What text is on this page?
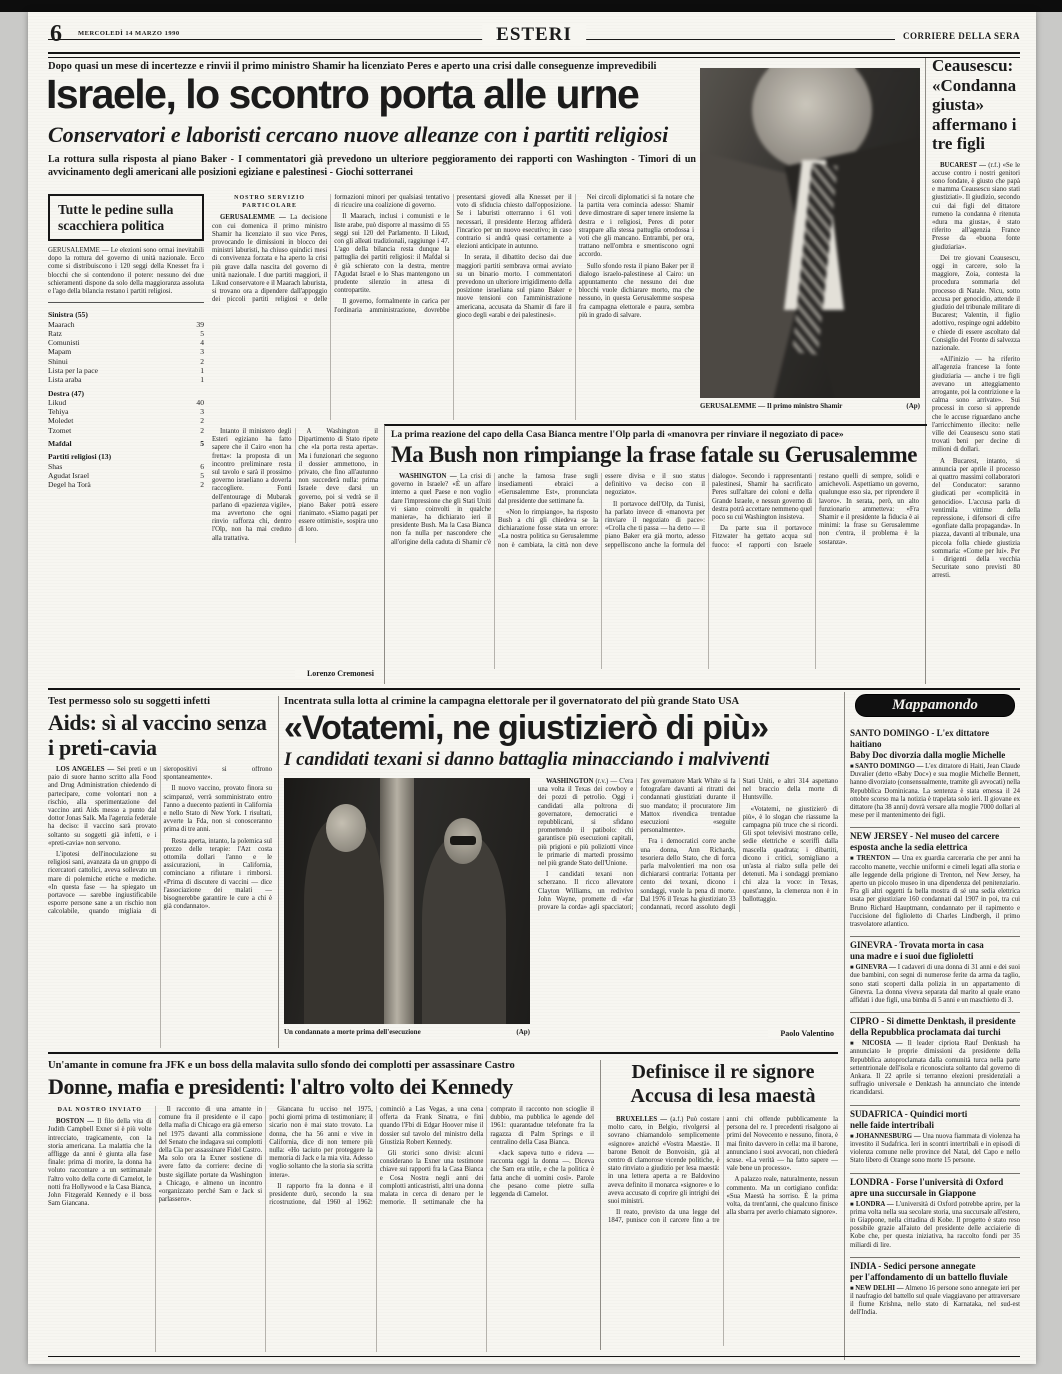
6 MERCOLEDÌ 14 MARZO 1990	ESTERI	CORRIERE DELLA SERA
Dopo quasi un mese di incertezze e rinvii il primo ministro Shamir ha licenziato Peres e aperto una crisi dalle conseguenze imprevedibili
Israele, lo scontro porta alle urne
Conservatori e laboristi cercano nuove alleanze con i partiti religiosi
La rottura sulla risposta al piano Baker - I commentatori già prevedono un ulteriore peggioramento dei rapporti con Washington - Timori di un avvicinamento degli americani alle posizioni egiziane e palestinesi - Giochi sotterranei
Tutte le pedine sulla scacchiera politica
GERUSALEMME — Le elezioni sono ormai inevitabili dopo la rottura del governo di unità nazionale. Ecco come si distribuiscono i 120 seggi della Knesset fra i blocchi che si contendono il potere: nessuno dei due schieramenti dispone da solo della maggioranza assoluta e l'ago della bilancia restano i partiti religiosi.
Sinistra (55)
Maarach	39
Ratz	5
Comunisti	4
Mapam	3
Shinui	2
Lista per la pace	1
Lista araba	1
Destra (47)
Likud	40
Tehiya	3
Moledet	2
Tzomet	2
Mafdal	5
Partiti religiosi (13)
Shas	6
Agudat Israel	5
Degel ha Torà	2
NOSTRO SERVIZIO PARTICOLARE

GERUSALEMME — La decisione con cui domenica il primo ministro Shamir ha licenziato il suo vice Peres, provocando le dimissioni in blocco dei ministri laburisti, ha chiuso quindici mesi di convivenza forzata e ha aperto la crisi più grave dalla nascita del governo di unità nazionale. I due partiti maggiori, il Likud conservatore e il Maarach laburista, si trovano ora a dipendere dall'appoggio dei piccoli partiti religiosi e delle formazioni minori per qualsiasi tentativo di ricucire una coalizione di governo.

Il Maarach, inclusi i comunisti e le liste arabe, può disporre al massimo di 55 seggi sui 120 del Parlamento. Il Likud, con gli alleati tradizionali, raggiunge i 47. L'ago della bilancia resta dunque la pattuglia dei partiti religiosi: il Mafdal si è già schierato con la destra, mentre l'Agudat Israel e lo Shas mantengono un prudente silenzio in attesa di contropartite.

Il governo, formalmente in carica per l'ordinaria amministrazione, dovrebbe presentarsi giovedì alla Knesset per il voto di sfiducia chiesto dall'opposizione. Se i laburisti otterranno i 61 voti necessari, il presidente Herzog affiderà l'incarico per un nuovo esecutivo; in caso contrario si andrà quasi certamente a elezioni anticipate in autunno.

In serata, il dibattito deciso dai due maggiori partiti sembrava ormai avviato su un binario morto. I commentatori prevedono un ulteriore irrigidimento della posizione israeliana sul piano Baker e nuove tensioni con l'amministrazione americana, accusata da Shamir di fare il gioco degli «arabi e dei palestinesi».

Nei circoli diplomatici si fa notare che la partita vera comincia adesso: Shamir deve dimostrare di saper tenere insieme la destra e i religiosi, Peres di poter strappare alla stessa pattuglia ortodossa i voti che gli mancano. Entrambi, per ora, trattano nell'ombra e smentiscono ogni accordo.

Sullo sfondo resta il piano Baker per il dialogo israelo-palestinese al Cairo: un appuntamento che nessuno dei due blocchi vuole dichiarare morto, ma che nessuno, in questa Gerusalemme sospesa fra campagna elettorale e paura, sembra più in grado di salvare.

Lorenzo Cremonesi

Intanto il ministero degli Esteri egiziano ha fatto sapere che il Cairo «non ha fretta»: la proposta di un incontro preliminare resta sul tavolo e sarà il prossimo governo israeliano a doverla raccogliere. Fonti dell'entourage di Mubarak parlano di «pazienza vigile», ma avvertono che ogni rinvio rafforza chi, dentro l'Olp, non ha mai creduto alla trattativa.

A Washington il Dipartimento di Stato ripete che «la porta resta aperta». Ma i funzionari che seguono il dossier ammettono, in privato, che fino all'autunno non succederà nulla: prima Israele deve darsi un governo, poi si vedrà se il piano Baker potrà essere rianimato. «Siamo pagati per essere ottimisti», sospira uno di loro.

GERUSALEMME — Il primo ministro Shamir	(Ap)
Ceausescu: «Condanna giusta» affermano i tre figli

BUCAREST — (r.f.) «Se le accuse contro i nostri genitori sono fondate, è giusto che papà e mamma Ceausescu siano stati giustiziati». Il giudizio, secondo cui dai figli del dittatore rumeno la condanna è ritenuta «dura ma giusta», è stato riferito all'agenzia France Presse da «buona fonte giudiziaria».

Dei tre giovani Ceausescu, oggi in carcere, solo la maggiore, Zoia, contesta la procedura sommaria del processo di Natale. Nicu, sotto accusa per genocidio, attende il giudizio del tribunale militare di Bucarest; Valentin, il figlio adottivo, respinge ogni addebito e chiede di essere ascoltato dal Consiglio del Fronte di salvezza nazionale.

«All'inizio — ha riferito all'agenzia francese la fonte giudiziaria — anche i tre figli avevano un atteggiamento arrogante, poi la contrizione e la calma sono arrivate». Sui processi in corso si apprende che le accuse riguardano anche l'arricchimento illecito: nelle ville dei Ceausescu sono stati trovati beni per decine di milioni di dollari.

A Bucarest, intanto, si annuncia per aprile il processo ai quattro massimi collaboratori del Conducator: saranno giudicati per «complicità in genocidio». L'accusa parla di ventimila vittime della repressione, i difensori di cifre «gonfiate dalla propaganda». In piazza, davanti al tribunale, una piccola folla chiede giustizia sommaria: «Come per lui». Per i dirigenti della vecchia Securitate sono previsti 80 arresti.

La prima reazione del capo della Casa Bianca mentre l'Olp parla di «manovra per rinviare il negoziato di pace»
Ma Bush non rimpiange la frase fatale su Gerusalemme

WASHINGTON — La crisi di governo in Israele? «È un affare interno a quel Paese e non voglio dare l'impressione che gli Stati Uniti vi siano coinvolti in qualche maniera», ha dichiarato ieri il presidente Bush. Ma la Casa Bianca non fa nulla per nascondere che all'origine della caduta di Shamir c'è anche la famosa frase sugli insediamenti ebraici a «Gerusalemme Est», pronunciata dal presidente due settimane fa.

«Non lo rimpiango», ha risposto Bush a chi gli chiedeva se la dichiarazione fosse stata un errore: «La nostra politica su Gerusalemme non è cambiata, la città non deve essere divisa e il suo status definitivo va deciso con il negoziato».

Il portavoce dell'Olp, da Tunisi, ha parlato invece di «manovra per rinviare il negoziato di pace»: «Crolla che ti passa — ha detto — il piano Baker era già morto, adesso seppelliscono anche la formula del dialogo». Secondo i rappresentanti palestinesi, Shamir ha sacrificato Peres sull'altare dei coloni e della Grande Israele, e nessun governo di destra potrà accettare nemmeno quel poco su cui Washington insisteva.

Da parte sua il portavoce Fitzwater ha gettato acqua sul fuoco: «I rapporti con Israele restano quelli di sempre, solidi e amichevoli. Aspettiamo un governo, qualunque esso sia, per riprendere il lavoro». In serata, però, un alto funzionario ammetteva: «Fra Shamir e il presidente la fiducia è ai minimi: la frase su Gerusalemme non c'entra, il problema è la sostanza».

Test permesso solo su soggetti infetti
Aids: sì al vaccino senza i preti-cavia

LOS ANGELES — Sei preti e un paio di suore hanno scritto alla Food and Drug Administration chiedendo di partecipare, come volontari non a rischio, alla sperimentazione del vaccino anti Aids messo a punto dal dottor Jonas Salk. Ma l'agenzia federale ha deciso: il vaccino sarà provato soltanto su soggetti già infetti, e i «preti-cavia» non servono.

L'ipotesi dell'inoculazione su religiosi sani, avanzata da un gruppo di ricercatori cattolici, aveva sollevato un mare di polemiche etiche e mediche. «In questa fase — ha spiegato un portavoce — sarebbe ingiustificabile esporre persone sane a un rischio non calcolabile, quando migliaia di sieropositivi si offrono spontaneamente».

Il nuovo vaccino, provato finora su scimpanzé, verrà somministrato entro l'anno a duecento pazienti in California e nello Stato di New York. I risultati, avverte la Fda, non si conosceranno prima di tre anni.

Resta aperta, intanto, la polemica sul prezzo delle terapie: l'Azt costa ottomila dollari l'anno e le assicurazioni, in California, cominciano a rifiutare i rimborsi. «Prima di discutere di vaccini — dice l'associazione dei malati — bisognerebbe garantire le cure a chi è già condannato».

Incentrata sulla lotta al crimine la campagna elettorale per il governatorato del più grande Stato USA
«Votatemi, ne giustizierò di più»
I candidati texani si danno battaglia minacciando i malviventi
Un condannato a morte prima dell'esecuzione	(Ap)	Paolo Valentino

WASHINGTON (r.v.) — C'era una volta il Texas dei cowboy e dei pozzi di petrolio. Oggi i candidati alla poltrona di governatore, democratici e repubblicani, si sfidano promettendo il patibolo: chi garantisce più esecuzioni capitali, più prigioni e più poliziotti vince le primarie di martedì prossimo nel più grande Stato dell'Unione.

I candidati texani non scherzano. Il ricco allevatore Clayton Williams, un redivivo John Wayne, promette di «far provare la corda» agli spacciatori; l'ex governatore Mark White si fa fotografare davanti ai ritratti dei condannati giustiziati durante il suo mandato; il procuratore Jim Mattox rivendica trentadue esecuzioni «seguite personalmente».

Fra i democratici corre anche una donna, Ann Richards, tesoriera dello Stato, che di forca parla malvolentieri ma non osa dichiararsi contraria: l'ottanta per cento dei texani, dicono i sondaggi, vuole la pena di morte. Dal 1976 il Texas ha giustiziato 33 condannati, record assoluto degli Stati Uniti, e altri 314 aspettano nel braccio della morte di Huntsville.

«Votatemi, ne giustizierò di più», è lo slogan che riassume la campagna più truce che si ricordi. Gli spot televisivi mostrano celle, sedie elettriche e sceriffi dalla mascella quadrata; i dibattiti, dicono i critici, somigliano a un'asta al rialzo sulla pelle dei detenuti. Ma i sondaggi premiano chi alza la voce: in Texas, quest'anno, la clemenza non è in ballottaggio.

Mappamondo
SANTO DOMINGO - L'ex dittatore haitiano
Baby Doc divorzia dalla moglie Michelle

■ SANTO DOMINGO — L'ex dittatore di Haiti, Jean Claude Duvalier (detto «Baby Doc») e sua moglie Michelle Bennett, hanno divorziato (consensualmente, tramite gli avvocati) nella Repubblica Dominicana. La sentenza è stata emessa il 24 ottobre scorso ma la notizia è trapelata solo ieri. Il giovane ex dittatore (ha 38 anni) dovrà versare alla moglie 7000 dollari al mese per il mantenimento dei figli.

NEW JERSEY - Nel museo del carcere
esposta anche la sedia elettrica

■ TRENTON — Una ex guardia carceraria che per anni ha raccolto manette, vecchie uniformi e cimeli legati alla storia e alle leggende della prigione di Trenton, nel New Jersey, ha aperto un piccolo museo in una dipendenza del penitenziario. Fra gli altri oggetti fa bella mostra di sé una sedia elettrica usata per giustiziare 160 condannati dal 1907 in poi, tra cui Bruno Richard Hauptmann, condannato per il rapimento e l'uccisione del figlioletto di Charles Lindbergh, il primo trasvolatore atlantico.

GINEVRA - Trovata morta in casa
una madre e i suoi due figlioletti

■ GINEVRA — I cadaveri di una donna di 31 anni e dei suoi due bambini, con segni di numerose ferite da arma da taglio, sono stati scoperti dalla polizia in un appartamento di Ginevra. La donna viveva separata dal marito al quale erano affidati i due figli, una bimba di 5 anni e un maschietto di 3.

CIPRO - Si dimette Denktash, il presidente
della Repubblica proclamata dai turchi

■ NICOSIA — Il leader cipriota Rauf Denktash ha annunciato le proprie dimissioni da presidente della Repubblica autoproclamata dalla comunità turca nella parte settentrionale dell'isola e riconosciuta soltanto dal governo di Ankara. Il 22 aprile si terranno elezioni presidenziali a suffragio universale e Denktash ha annunciato che intende ricandidarsi.

SUDAFRICA - Quindici morti
nelle faide intertribali

■ JOHANNESBURG — Una nuova fiammata di violenza ha investito il Sudafrica. Ieri in scontri intertribali e in episodi di violenza comune nelle province del Natal, del Capo e nello Stato libero di Orange sono morte 15 persone.

LONDRA - Forse l'università di Oxford
apre una succursale in Giappone

■ LONDRA — L'università di Oxford potrebbe aprire, per la prima volta nella sua secolare storia, una succursale all'estero, in Giappone, nella cittadina di Kobe. Il progetto è stato reso possibile grazie all'aiuto del presidente delle acciaierie di Kobe che, per questa iniziativa, ha raccolto fondi per 35 miliardi di lire.

INDIA - Sedici persone annegate
per l'affondamento di un battello fluviale

■ NEW DELHI — Almeno 16 persone sono annegate ieri per il naufragio del battello sul quale viaggiavano per attraversare il fiume Krishna, nello stato di Karnataka, nel sud-est dell'India.

Un'amante in comune fra JFK e un boss della malavita sullo sfondo dei complotti per assassinare Castro
Donne, mafia e presidenti: l'altro volto dei Kennedy
DAL NOSTRO INVIATO

BOSTON — Il filo della vita di Judith Campbell Exner si è più volte intrecciato, tragicamente, con la storia americana. La malattia che la affligge da anni è giunta alla fase finale: prima di morire, la donna ha voluto raccontare a un settimanale l'altro volto della corte di Camelot, le notti fra Hollywood e la Casa Bianca, John Fitzgerald Kennedy e il boss Sam Giancana.

Il racconto di una amante in comune fra il presidente e il capo della mafia di Chicago era già emerso nel 1975 davanti alla commissione del Senato che indagava sui complotti della Cia per assassinare Fidel Castro. Ma solo ora la Exner sostiene di avere fatto da corriere: decine di buste sigillate portate da Washington a Chicago, e almeno un incontro «organizzato perché Sam e Jack si parlassero».

Giancana fu ucciso nel 1975, pochi giorni prima di testimoniare; il sicario non è mai stato trovato. La donna, che ha 56 anni e vive in California, dice di non temere più nulla: «Ho taciuto per proteggere la memoria di Jack e la mia vita. Adesso voglio soltanto che la storia sia scritta intera».

Il rapporto fra la donna e il presidente durò, secondo la sua ricostruzione, dal 1960 al 1962: cominciò a Las Vegas, a una cena offerta da Frank Sinatra, e finì quando l'Fbi di Edgar Hoover mise il dossier sul tavolo del ministro della Giustizia Robert Kennedy.

Gli storici sono divisi: alcuni considerano la Exner una testimone chiave sui rapporti fra la Casa Bianca e Cosa Nostra negli anni dei complotti anticastristi, altri una donna malata in cerca di denaro per le memorie. Il settimanale che ha comprato il racconto non scioglie il dubbio, ma pubblica le agende del 1961: quarantadue telefonate fra la ragazza di Palm Springs e il centralino della Casa Bianca.

«Jack sapeva tutto e rideva — racconta oggi la donna —. Diceva che Sam era utile, e che la politica è fatta anche di uomini così». Parole che pesano come pietre sulla leggenda di Camelot.

Definisce il re signore Accusa di lesa maestà

BRUXELLES — (a.f.) Può costare molto caro, in Belgio, rivolgersi al sovrano chiamandolo semplicemente «signore» anziché «Vostra Maestà». Il barone Benoit de Bonvoisin, già al centro di clamorose vicende politiche, è stato rinviato a giudizio per lesa maestà: in una lettera aperta a re Baldovino aveva definito il monarca «signore» e lo aveva accusato di coprire gli intrighi dei suoi ministri.

Il reato, previsto da una legge del 1847, punisce con il carcere fino a tre anni chi offende pubblicamente la persona del re. I precedenti risalgono ai primi del Novecento e nessuno, finora, è mai finito davvero in cella: ma il barone, annunciano i suoi avvocati, non chiederà scuse. «La verità — ha fatto sapere — vale bene un processo».

A palazzo reale, naturalmente, nessun commento. Ma un cortigiano confida: «Sua Maestà ha sorriso. È la prima volta, da trent'anni, che qualcuno finisce alla sbarra per averlo chiamato signore».
